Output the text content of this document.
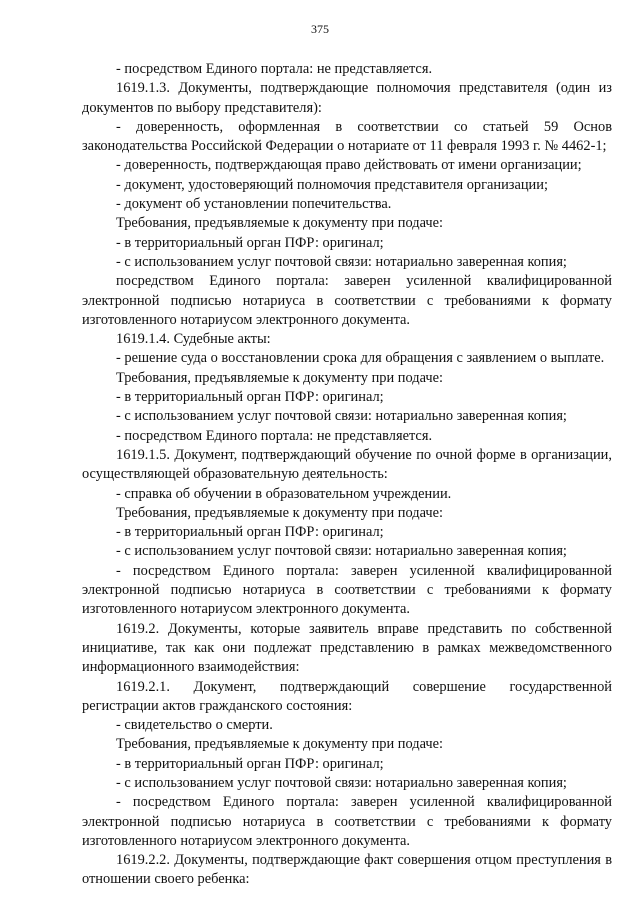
375

- посредством Единого портала: не представляется.

1619.1.3. Документы, подтверждающие полномочия представителя (один из документов по выбору представителя):

- доверенность, оформленная в соответствии со статьей 59 Основ законодательства Российской Федерации о нотариате от 11 февраля 1993 г. № 4462-1;

- доверенность, подтверждающая право действовать от имени организации;

- документ, удостоверяющий полномочия представителя организации;

- документ об установлении попечительства.

Требования, предъявляемые к документу при подаче:

- в территориальный орган ПФР: оригинал;

- с использованием услуг почтовой связи: нотариально заверенная копия;

посредством Единого портала: заверен усиленной квалифицированной электронной подписью нотариуса в соответствии с требованиями к формату изготовленного нотариусом электронного документа.

1619.1.4. Судебные акты:

- решение суда о восстановлении срока для обращения с заявлением о выплате.

Требования, предъявляемые к документу при подаче:

- в территориальный орган ПФР: оригинал;

- с использованием услуг почтовой связи: нотариально заверенная копия;

- посредством Единого портала: не представляется.

1619.1.5. Документ, подтверждающий обучение по очной форме в организации, осуществляющей образовательную деятельность:

- справка об обучении в образовательном учреждении.

Требования, предъявляемые к документу при подаче:

- в территориальный орган ПФР: оригинал;

- с использованием услуг почтовой связи: нотариально заверенная копия;

- посредством Единого портала: заверен усиленной квалифицированной электронной подписью нотариуса в соответствии с требованиями к формату изготовленного нотариусом электронного документа.

1619.2. Документы, которые заявитель вправе представить по собственной инициативе, так как они подлежат представлению в рамках межведомственного информационного взаимодействия:

1619.2.1. Документ, подтверждающий совершение государственной регистрации актов гражданского состояния:

- свидетельство о смерти.

Требования, предъявляемые к документу при подаче:

- в территориальный орган ПФР: оригинал;

- с использованием услуг почтовой связи: нотариально заверенная копия;

- посредством Единого портала: заверен усиленной квалифицированной электронной подписью нотариуса в соответствии с требованиями к формату изготовленного нотариусом электронного документа.

1619.2.2. Документы, подтверждающие факт совершения отцом преступления в отношении своего ребенка:
